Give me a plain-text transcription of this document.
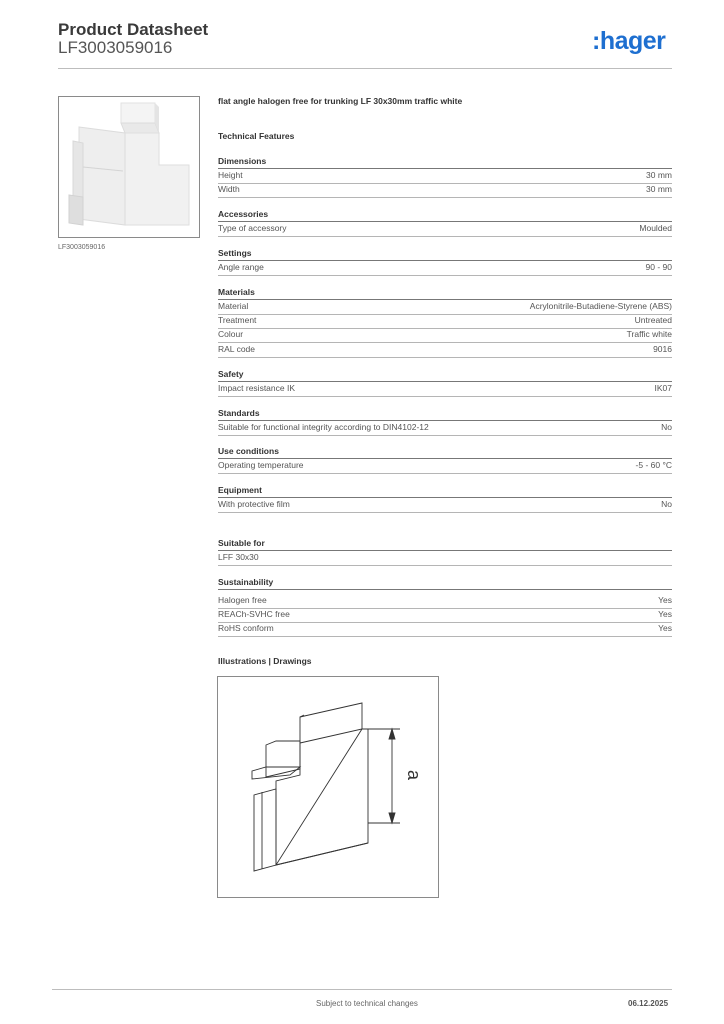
Product Datasheet
LF3003059016	:hager
LF3003059016
flat angle halogen free for trunking LF 30x30mm traffic white
Technical Features
Dimensions
Height	30 mm
Width	30 mm
Accessories
Type of accessory	Moulded
Settings
Angle range	90 - 90
Materials
Material	Acrylonitrile-Butadiene-Styrene (ABS)
Treatment	Untreated
Colour	Traffic white
RAL code	9016
Safety
Impact resistance IK	IK07
Standards
Suitable for functional integrity according to DIN4102-12	No
Use conditions
Operating temperature	-5 - 60 °C
Equipment
With protective film	No
Suitable for
LFF 30x30
Sustainability
Halogen free	Yes
REACh-SVHC free	Yes
RoHS conform	Yes
Illustrations | Drawings
a
Subject to technical changes	06.12.2025
